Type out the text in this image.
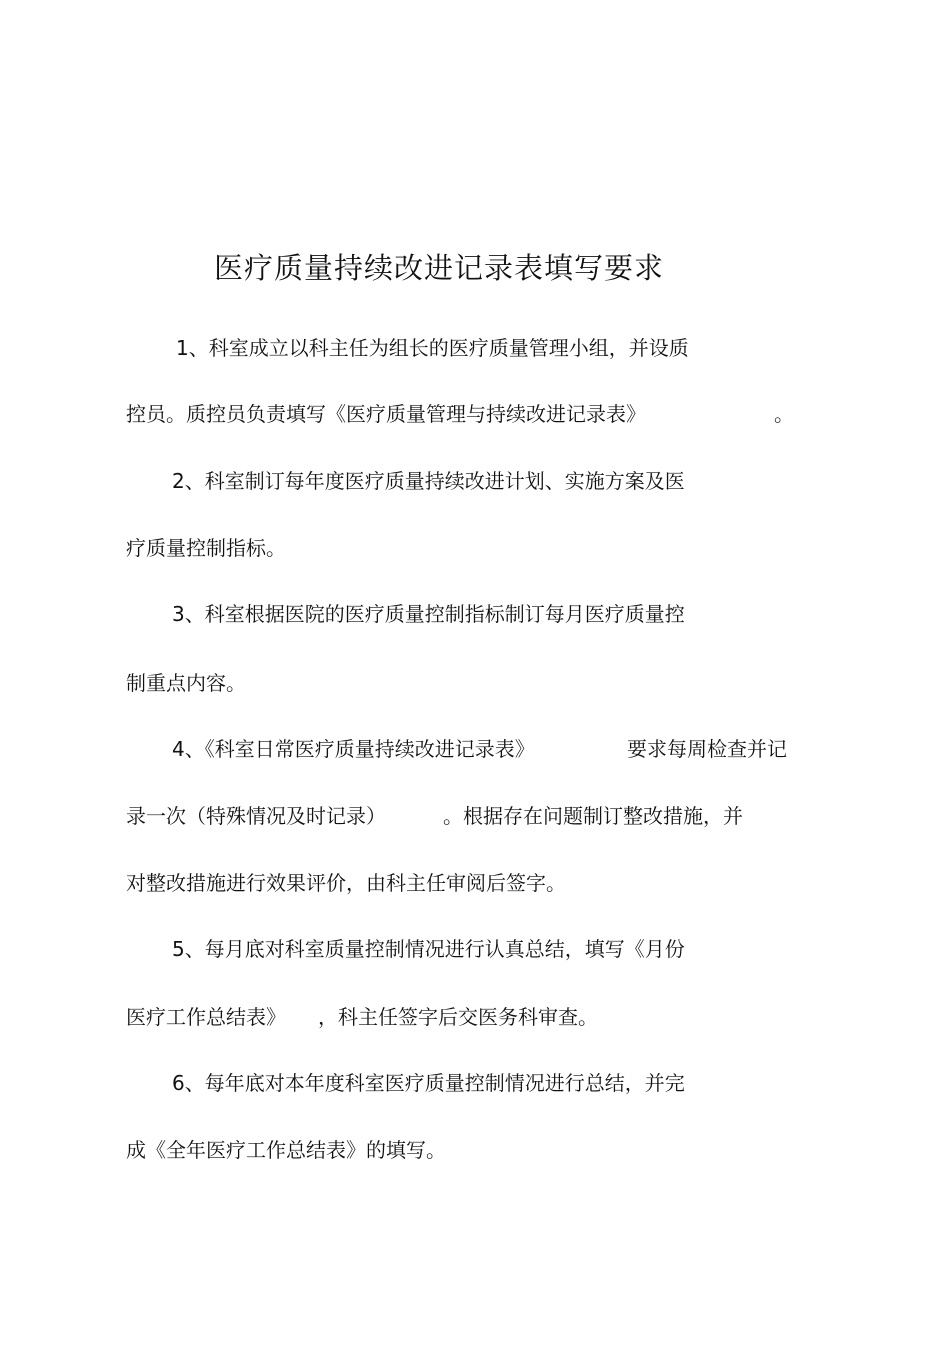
医疗质量持续改进记录表填写要求
1、科室成立以科主任为组长的医疗质量管理小组，并设质
控员。质控员负责填写《医疗质量管理与持续改进记录表》	。
2、科室制订每年度医疗质量持续改进计划、实施方案及医
疗质量控制指标。
3、科室根据医院的医疗质量控制指标制订每月医疗质量控
制重点内容。
4、《科室日常医疗质量持续改进记录表》	要求每周检查并记
录一次（特殊情况及时记录）	。根据存在问题制订整改措施，并
对整改措施进行效果评价，由科主任审阅后签字。
5、每月底对科室质量控制情况进行认真总结，填写《月份
医疗工作总结表》 ，科主任签字后交医务科审查。
6、每年底对本年度科室医疗质量控制情况进行总结，并完
成《全年医疗工作总结表》的填写。
